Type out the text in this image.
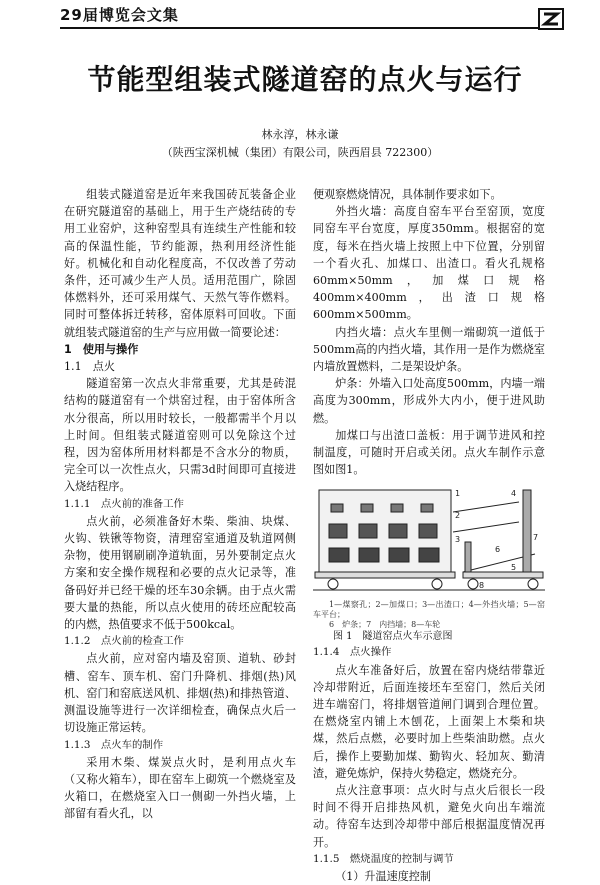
29届博览会文集
节能型组装式隧道窑的点火与运行
林永淳，林永谦
（陕西宝深机械（集团）有限公司，陕西眉县 722300）

组装式隧道窑是近年来我国砖瓦装备企业在研究隧道窑的基础上，用于生产烧结砖的专用工业窑炉，这种窑型具有连续生产性能和较高的保温性能，节约能源，热利用经济性能好。机械化和自动化程度高，不仅改善了劳动条件，还可减少生产人员。适用范围广，除固体燃料外，还可采用煤气、天然气等作燃料。同时可整体拆迁转移，窑体原料可回收。下面就组装式隧道窑的生产与应用做一简要论述：

1　使用与操作
1.1　点火

隧道窑第一次点火非常重要，尤其是砖混结构的隧道窑有一个烘窑过程，由于窑体所含水分很高，所以用时较长，一般都需半个月以上时间。但组装式隧道窑则可以免除这个过程，因为窑体所用材料都是不含水分的物质，完全可以一次性点火，只需3d时间即可直接进入烧结程序。

1.1.1　点火前的准备工作

点火前，必须准备好木柴、柴油、块煤、火钩、铁锹等物资，清理窑室通道及轨道网侧杂物，使用钢刷刷净道轨面，另外要制定点火方案和安全操作规程和必要的点火记录等，准备码好并已经干燥的坯车30余辆。由于点火需要大量的热能，所以点火使用的砖坯应配较高的内燃，热值要求不低于500kcal。

1.1.2　点火前的检查工作

点火前，应对窑内墙及窑顶、道轨、砂封槽、窑车、顶车机、窑门升降机、排烟(热)风机、窑门和窑底送风机、排烟(热)和排热管道、测温设施等进行一次详细检查，确保点火后一切设施正常运转。

1.1.3　点火车的制作

采用木柴、煤炭点火时，是利用点火车（又称火箱车），即在窑车上砌筑一个燃烧室及火箱口，在燃烧室入口一侧砌一外挡火墙，上部留有看火孔，以

便观察燃烧情况，具体制作要求如下。

外挡火墙：高度自窑车平台至窑顶，宽度同窑车平台宽度，厚度350mm。根据窑的宽度，每米在挡火墙上按照上中下位置，分别留一个看火孔、加煤口、出渣口。看火孔规格60mm×50mm，加煤口规格400mm×400mm，出渣口规格600mm×500mm。

内挡火墙：点火车里侧一端砌筑一道低于500mm高的内挡火墙，其作用一是作为燃烧室内墙放置燃料，二是架设炉条。

炉条：外墙入口处高度500mm，内墙一端高度为300mm，形成外大内小，便于进风助燃。

加煤口与出渣口盖板：用于调节进风和控制温度，可随时开启或关闭。点火车制作示意图如图1。

1
2
3
4
5
6
7
8

1—煤察孔；2—加煤口；3—出渣口；4—外挡火墙；5—窑车平台；

6　炉条；7　内挡墙；8—车轮

图 1　隧道窑点火车示意图

1.1.4　点火操作

点火车准备好后，放置在窑内烧结带靠近冷却带附近，后面连接坯车至窑门，然后关闭进车端窑门，将排烟管道闸门调到合理位置。在燃烧室内铺上木刨花，上面架上木柴和块煤，然后点燃，必要时加上些柴油助燃。点火后，操作上要勤加煤、勤钩火、轻加灰、勤清渣，避免炼炉，保持火势稳定，燃烧充分。

点火注意事项：点火时与点火后很长一段时间不得开启排热风机，避免火向出车端流动。待窑车达到冷却带中部后根据温度情况再开。

1.1.5　燃烧温度的控制与调节
（1）升温速度控制
